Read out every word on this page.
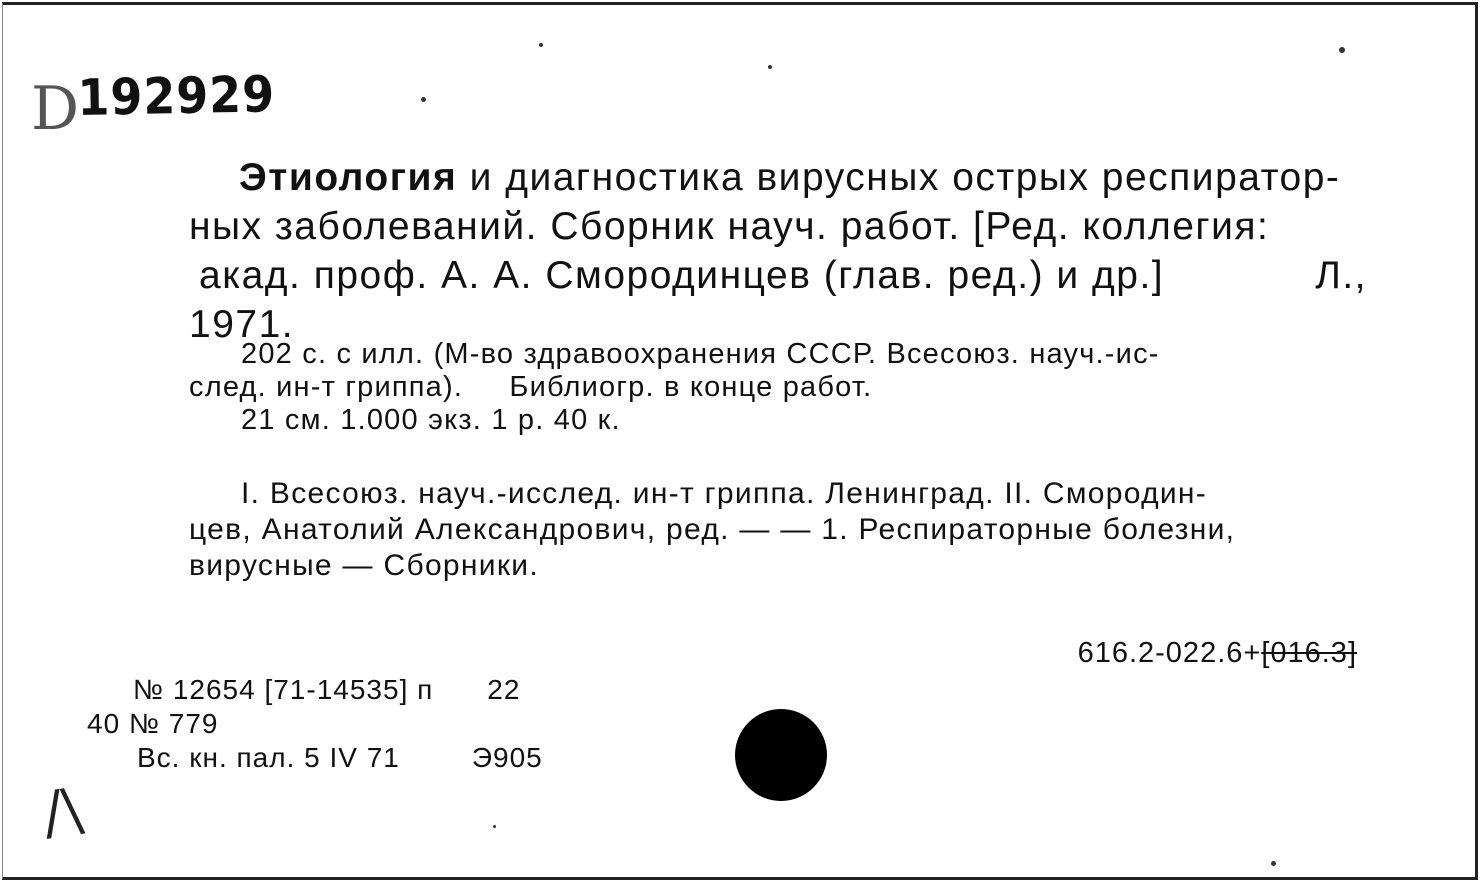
D
192929
Этиология и диагностика вирусных острых респиратор-
ных заболеваний. Сборник науч. работ. [Ред. коллегия:
акад. проф. А. А. Смородинцев (глав. ред.) и др.]	Л.,
1971.
202 с. с илл. (М-во здравоохранения СССР. Всесоюз. науч.-ис-
след. ин-т гриппа).     Библиогр. в конце работ.
21 см. 1.000 экз. 1 р. 40 к.
I. Всесоюз. науч.-исслед. ин-т гриппа. Ленинград. II. Смородин-
цев, Анатолий Александрович, ред. — — 1. Респираторные болезни,
вирусные — Сборники.
616.2-022.6+[016.3]
№ 12654 [71-14535] п 22
40 № 779
Вс. кн. пал. 5 IV 71	Э905
∕\
